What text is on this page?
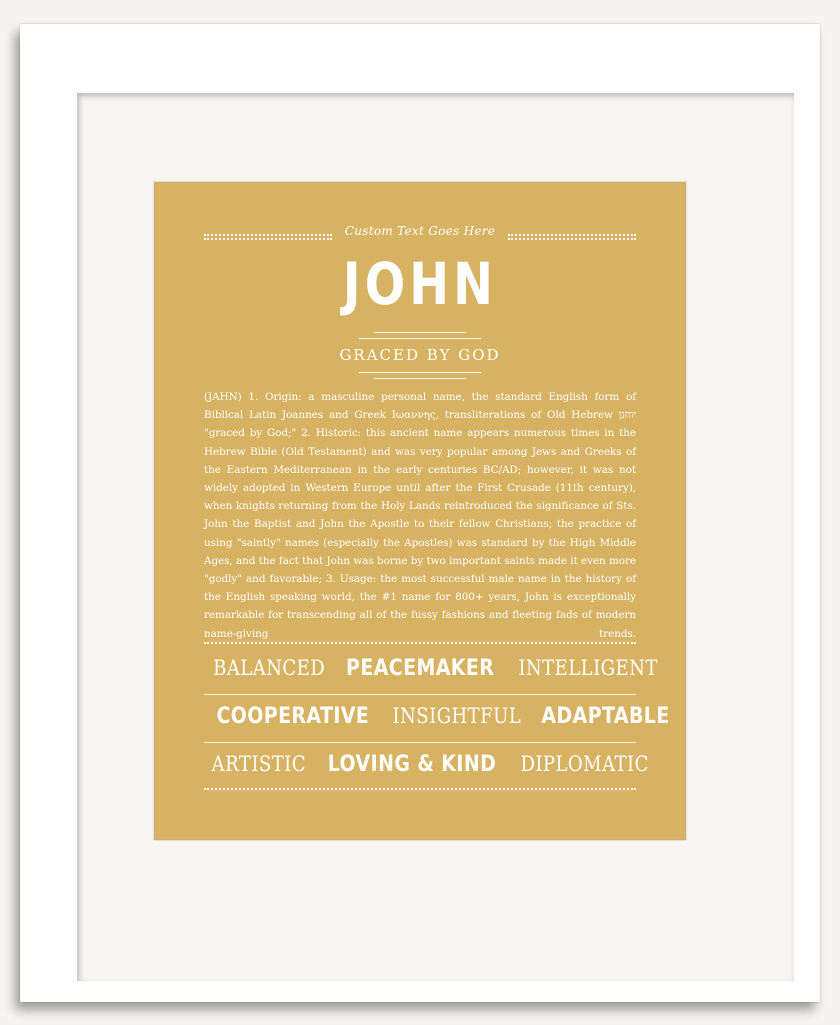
Custom Text Goes Here
JOHN
GRACED BY GOD
(JAHN) 1. Origin: a masculine personal name, the standard English form of Biblical Latin Joannes and Greek Ιωαννης, transliterations of Old Hebrew יוחנן "graced by God;" 2. Historic: this ancient name appears numerous times in the Hebrew Bible (Old Testament) and was very popular among Jews and Greeks of the Eastern Mediterranean in the early centuries BC/AD; however, it was not widely adopted in Western Europe until after the First Crusade (11th century), when knights returning from the Holy Lands reintroduced the significance of Sts. John the Baptist and John the Apostle to their fellow Christians; the practice of using "saintly" names (especially the Apostles) was standard by the High Middle Ages, and the fact that John was borne by two important saints made it even more "godly" and favorable; 3. Usage: the most successful male name in the history of the English speaking world, the #1 name for 800+ years, John is exceptionally remarkable for transcending all of the fussy fashions and fleeting fads of modern name-giving trends.
BALANCED PEACEMAKER INTELLIGENT
COOPERATIVE INSIGHTFUL ADAPTABLE
ARTISTIC LOVING & KIND DIPLOMATIC
